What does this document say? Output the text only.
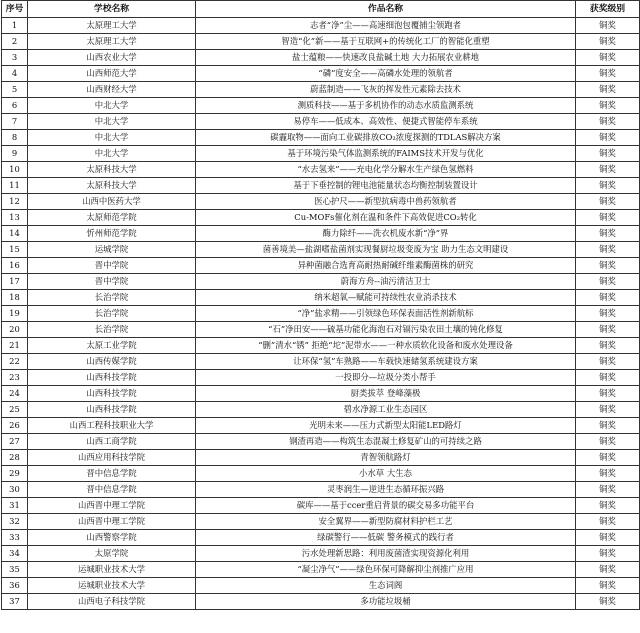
序号	学校名称	作品名称	获奖级别
1	太原理工大学	志者“净”尘——高速细泡包覆捕尘领跑者	铜奖
2	太原理工大学	智造“化”新——基于互联网+的传统化工厂的智能化重塑	铜奖
3	山西农业大学	盐士蕴粮——快速改良盐碱土地 大力拓展农业耕地	铜奖
4	山西师范大学	“磷”度安全——高磷水处理的领航者	铜奖
5	山西财经大学	蔚蓝制造——飞灰的挥发性元素除去技术	铜奖
6	中北大学	测质科技——基于多机协作的动态水质监测系统	铜奖
7	中北大学	易停车——低成本、高效性、便捷式智能停车系统	铜奖
8	中北大学	碳霾取物——面向工业碳排放CO₂浓度探测的TDLAS解决方案	铜奖
9	中北大学	基于环境污染气体监测系统的FAIMS技术开发与优化	铜奖
10	太原科技大学	“水去氢来”——充电化学分解水生产绿色氢燃料	铜奖
11	太原科技大学	基于下垂控制的锂电池能量状态均衡控制装置设计	铜奖
12	山西中医药大学	医心护尺——新型抗病毒中兽药领航者	铜奖
13	太原师范学院	Cu-MOFs催化剂在温和条件下高效促进CO₂转化	铜奖
14	忻州师范学院	酶力除纤——洗衣机废水新“净”界	铜奖
15	运城学院	菌善境美—盐湖嗜盐菌剂实现餐厨垃圾变废为宝 助力生态文明建设	铜奖
16	晋中学院	异种菌融合选育高耐热耐碱纤维素酶菌株的研究	铜奖
17	晋中学院	蔚海方舟--油污清洁卫士	铜奖
18	长治学院	纳米超氧—赋能可持续性农业消杀技术	铜奖
19	长治学院	“净”盐求精——引领绿色环保表面活性剂新航标	铜奖
20	长治学院	“石”净田安——硫基功能化海泡石对镉污染农田土壤的钝化修复	铜奖
21	太原工业学院	“删”清水“锈” 拒绝“坨”泥带水——一种水质软化设备和废水处理设备	铜奖
22	山西传媒学院	让环保“氢”车熟路——车载快速储氢系统建设方案	铜奖
23	山西科技学院	一投即分—垃圾分类小帮手	铜奖
24	山西科技学院	厨类拔萃 登峰藻极	铜奖
25	山西科技学院	碧水净源工业生态园区	铜奖
26	山西工程科技职业大学	光明未来——压力式新型太阳能LED路灯	铜奖
27	山西工商学院	钢渣再造——构筑生态混凝土修复矿山的可持续之路	铜奖
28	山西应用科技学院	青智领航路灯	铜奖
29	晋中信息学院	小水草 大生态	铜奖
30	晋中信息学院	灵枣润生—逆进生态循环振兴路	铜奖
31	山西晋中理工学院	碳库——基于ccer重启背景的碳交易多功能平台	铜奖
32	山西晋中理工学院	安全翼界——新型防腐材料护栏工艺	铜奖
33	山西警察学院	绿碳警行——低碳 警务模式的践行者	铜奖
34	太原学院	污水处理新思路：利用废菌渣实现资源化利用	铜奖
35	运城职业技术大学	“凝尘净气”——绿色环保可降解抑尘剂推广应用	铜奖
36	运城职业技术大学	生态词阁	铜奖
37	山西电子科技学院	多功能垃圾桶	铜奖
